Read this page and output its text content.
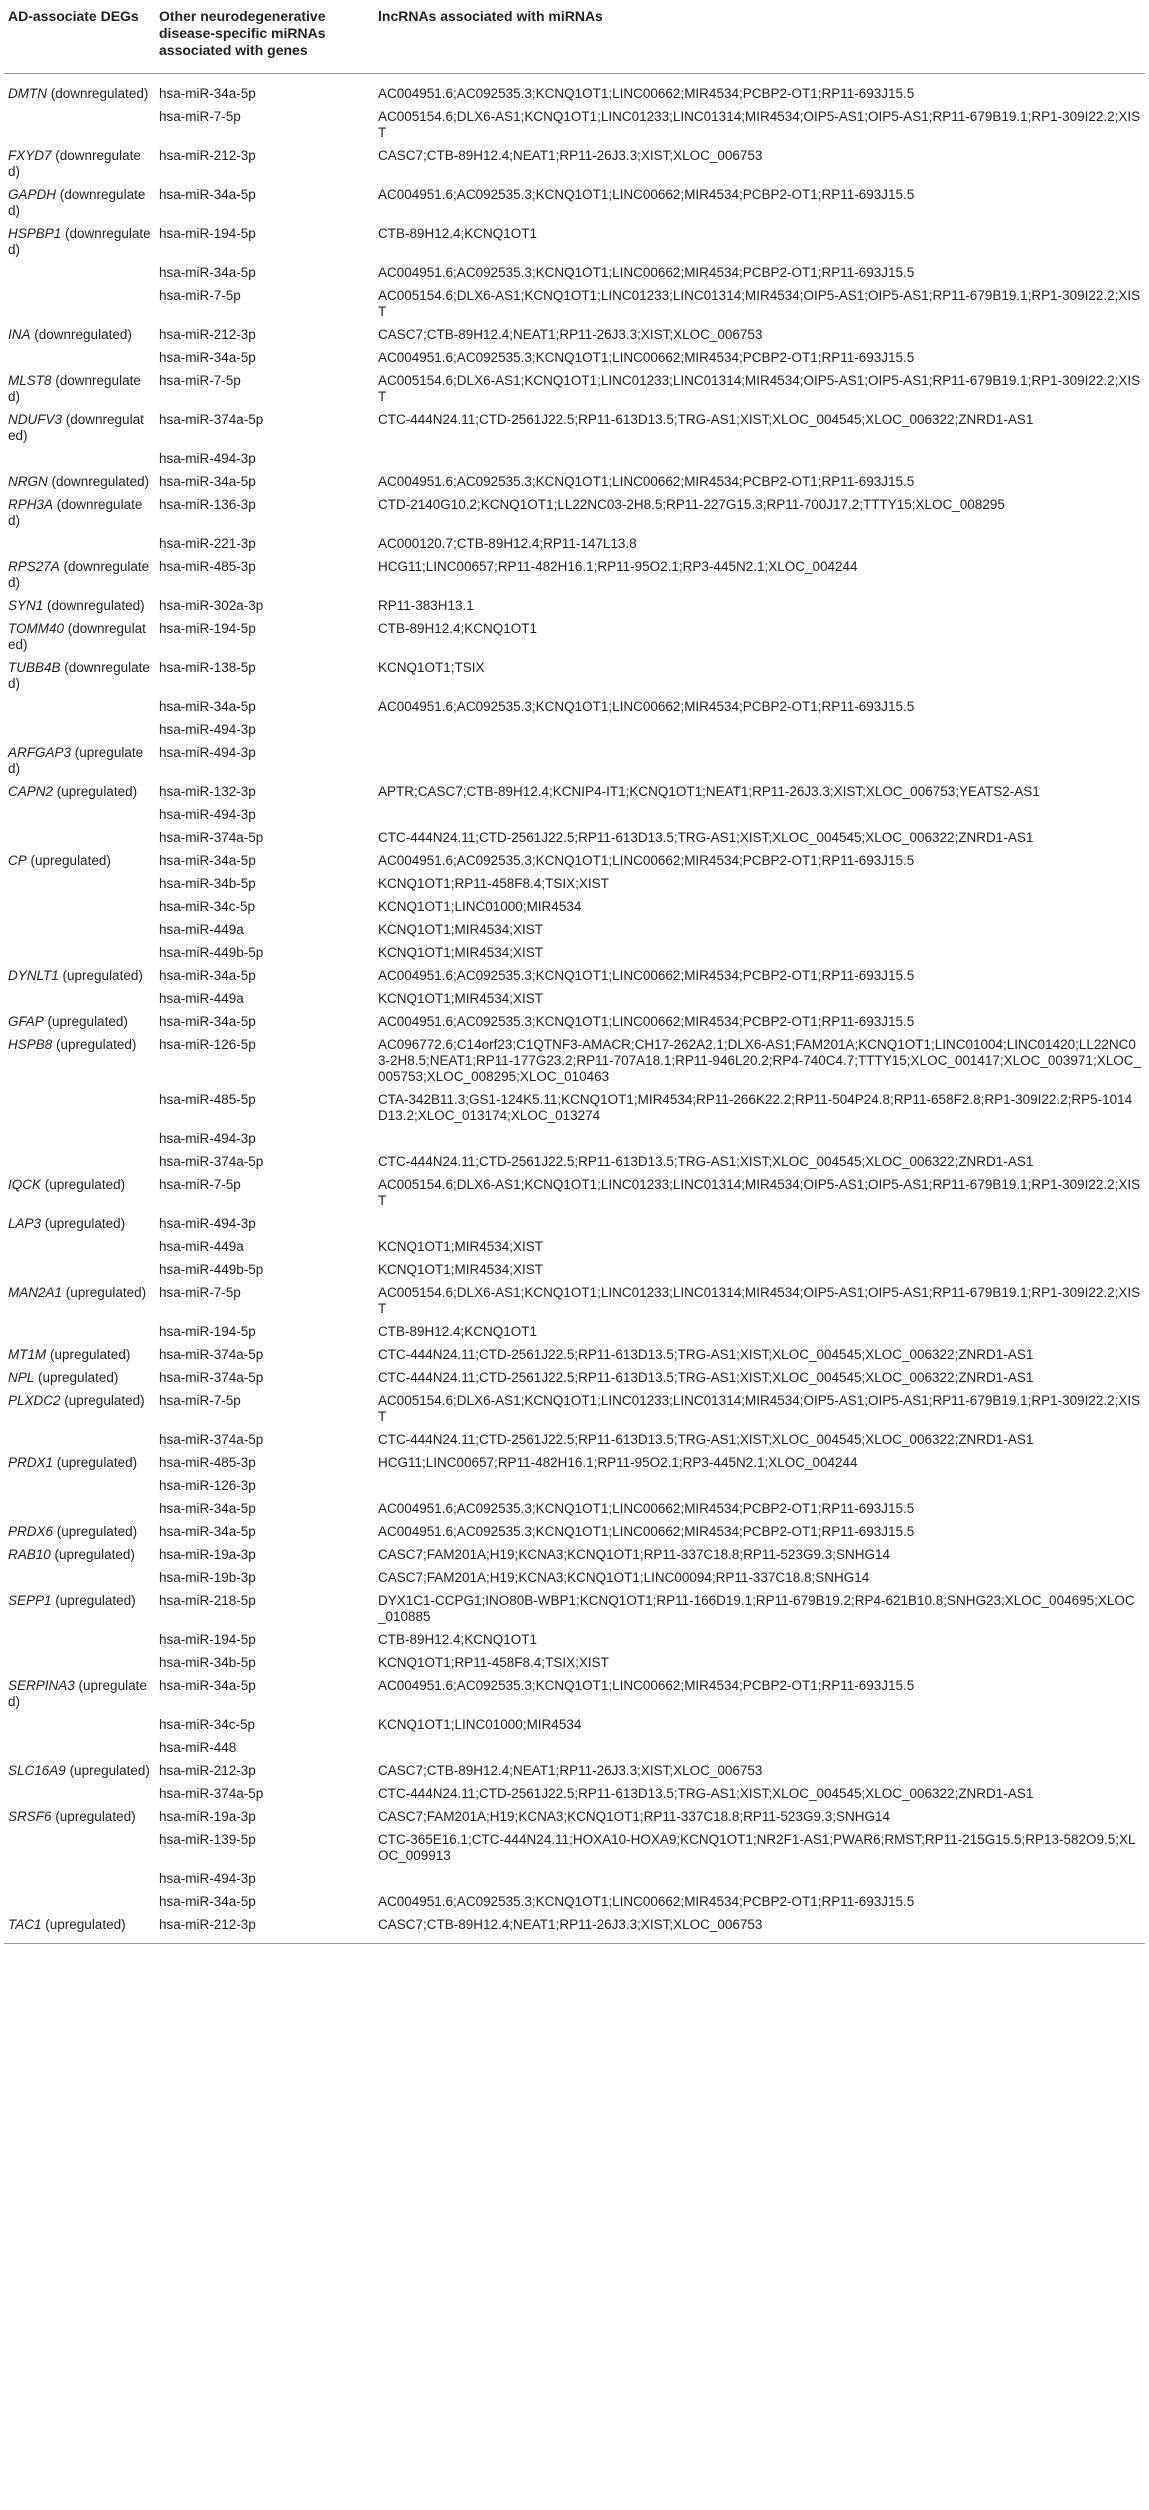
AD-associate DEGs	Other neurodegenerative disease-specific miRNAs associated with genes	lncRNAs associated with miRNAs
DMTN (downregulated)	hsa-miR-34a-5p	AC004951.6;AC092535.3;KCNQ1OT1;LINC00662;MIR4534;PCBP2-OT1;RP11-693J15.5
	hsa-miR-7-5p	AC005154.6;DLX6-AS1;KCNQ1OT1;LINC01233;LINC01314;MIR4534;OIP5-AS1;OIP5-AS1;RP11-679B19.1;RP1-309I22.2;XIST
FXYD7 (downregulated)	hsa-miR-212-3p	CASC7;CTB-89H12.4;NEAT1;RP11-26J3.3;XIST;XLOC_006753
GAPDH (downregulated)	hsa-miR-34a-5p	AC004951.6;AC092535.3;KCNQ1OT1;LINC00662;MIR4534;PCBP2-OT1;RP11-693J15.5
HSPBP1 (downregulated)	hsa-miR-194-5p	CTB-89H12.4;KCNQ1OT1
	hsa-miR-34a-5p	AC004951.6;AC092535.3;KCNQ1OT1;LINC00662;MIR4534;PCBP2-OT1;RP11-693J15.5
	hsa-miR-7-5p	AC005154.6;DLX6-AS1;KCNQ1OT1;LINC01233;LINC01314;MIR4534;OIP5-AS1;OIP5-AS1;RP11-679B19.1;RP1-309I22.2;XIST
INA (downregulated)	hsa-miR-212-3p	CASC7;CTB-89H12.4;NEAT1;RP11-26J3.3;XIST;XLOC_006753
	hsa-miR-34a-5p	AC004951.6;AC092535.3;KCNQ1OT1;LINC00662;MIR4534;PCBP2-OT1;RP11-693J15.5
MLST8 (downregulated)	hsa-miR-7-5p	AC005154.6;DLX6-AS1;KCNQ1OT1;LINC01233;LINC01314;MIR4534;OIP5-AS1;OIP5-AS1;RP11-679B19.1;RP1-309I22.2;XIST
NDUFV3 (downregulated)	hsa-miR-374a-5p	CTC-444N24.11;CTD-2561J22.5;RP11-613D13.5;TRG-AS1;XIST;XLOC_004545;XLOC_006322;ZNRD1-AS1
	hsa-miR-494-3p	
NRGN (downregulated)	hsa-miR-34a-5p	AC004951.6;AC092535.3;KCNQ1OT1;LINC00662;MIR4534;PCBP2-OT1;RP11-693J15.5
RPH3A (downregulated)	hsa-miR-136-3p	CTD-2140G10.2;KCNQ1OT1;LL22NC03-2H8.5;RP11-227G15.3;RP11-700J17.2;TTTY15;XLOC_008295
	hsa-miR-221-3p	AC000120.7;CTB-89H12.4;RP11-147L13.8
RPS27A (downregulated)	hsa-miR-485-3p	HCG11;LINC00657;RP11-482H16.1;RP11-95O2.1;RP3-445N2.1;XLOC_004244
SYN1 (downregulated)	hsa-miR-302a-3p	RP11-383H13.1
TOMM40 (downregulated)	hsa-miR-194-5p	CTB-89H12.4;KCNQ1OT1
TUBB4B (downregulated)	hsa-miR-138-5p	KCNQ1OT1;TSIX
	hsa-miR-34a-5p	AC004951.6;AC092535.3;KCNQ1OT1;LINC00662;MIR4534;PCBP2-OT1;RP11-693J15.5
	hsa-miR-494-3p	
ARFGAP3 (upregulated)	hsa-miR-494-3p	
CAPN2 (upregulated)	hsa-miR-132-3p	APTR;CASC7;CTB-89H12.4;KCNIP4-IT1;KCNQ1OT1;NEAT1;RP11-26J3.3;XIST;XLOC_006753;YEATS2-AS1
	hsa-miR-494-3p	
	hsa-miR-374a-5p	CTC-444N24.11;CTD-2561J22.5;RP11-613D13.5;TRG-AS1;XIST;XLOC_004545;XLOC_006322;ZNRD1-AS1
CP (upregulated)	hsa-miR-34a-5p	AC004951.6;AC092535.3;KCNQ1OT1;LINC00662;MIR4534;PCBP2-OT1;RP11-693J15.5
	hsa-miR-34b-5p	KCNQ1OT1;RP11-458F8.4;TSIX;XIST
	hsa-miR-34c-5p	KCNQ1OT1;LINC01000;MIR4534
	hsa-miR-449a	KCNQ1OT1;MIR4534;XIST
	hsa-miR-449b-5p	KCNQ1OT1;MIR4534;XIST
DYNLT1 (upregulated)	hsa-miR-34a-5p	AC004951.6;AC092535.3;KCNQ1OT1;LINC00662;MIR4534;PCBP2-OT1;RP11-693J15.5
	hsa-miR-449a	KCNQ1OT1;MIR4534;XIST
GFAP (upregulated)	hsa-miR-34a-5p	AC004951.6;AC092535.3;KCNQ1OT1;LINC00662;MIR4534;PCBP2-OT1;RP11-693J15.5
HSPB8 (upregulated)	hsa-miR-126-5p	AC096772.6;C14orf23;C1QTNF3-AMACR;CH17-262A2.1;DLX6-AS1;FAM201A;KCNQ1OT1;LINC01004;LINC01420;LL22NC03-2H8.5;NEAT1;RP11-177G23.2;RP11-707A18.1;RP11-946L20.2;RP4-740C4.7;TTTY15;XLOC_001417;XLOC_003971;XLOC_005753;XLOC_008295;XLOC_010463
	hsa-miR-485-5p	CTA-342B11.3;GS1-124K5.11;KCNQ1OT1;MIR4534;RP11-266K22.2;RP11-504P24.8;RP11-658F2.8;RP1-309I22.2;RP5-1014D13.2;XLOC_013174;XLOC_013274
	hsa-miR-494-3p	
	hsa-miR-374a-5p	CTC-444N24.11;CTD-2561J22.5;RP11-613D13.5;TRG-AS1;XIST;XLOC_004545;XLOC_006322;ZNRD1-AS1
IQCK (upregulated)	hsa-miR-7-5p	AC005154.6;DLX6-AS1;KCNQ1OT1;LINC01233;LINC01314;MIR4534;OIP5-AS1;OIP5-AS1;RP11-679B19.1;RP1-309I22.2;XIST
LAP3 (upregulated)	hsa-miR-494-3p	
	hsa-miR-449a	KCNQ1OT1;MIR4534;XIST
	hsa-miR-449b-5p	KCNQ1OT1;MIR4534;XIST
MAN2A1 (upregulated)	hsa-miR-7-5p	AC005154.6;DLX6-AS1;KCNQ1OT1;LINC01233;LINC01314;MIR4534;OIP5-AS1;OIP5-AS1;RP11-679B19.1;RP1-309I22.2;XIST
	hsa-miR-194-5p	CTB-89H12.4;KCNQ1OT1
MT1M (upregulated)	hsa-miR-374a-5p	CTC-444N24.11;CTD-2561J22.5;RP11-613D13.5;TRG-AS1;XIST;XLOC_004545;XLOC_006322;ZNRD1-AS1
NPL (upregulated)	hsa-miR-374a-5p	CTC-444N24.11;CTD-2561J22.5;RP11-613D13.5;TRG-AS1;XIST;XLOC_004545;XLOC_006322;ZNRD1-AS1
PLXDC2 (upregulated)	hsa-miR-7-5p	AC005154.6;DLX6-AS1;KCNQ1OT1;LINC01233;LINC01314;MIR4534;OIP5-AS1;OIP5-AS1;RP11-679B19.1;RP1-309I22.2;XIST
	hsa-miR-374a-5p	CTC-444N24.11;CTD-2561J22.5;RP11-613D13.5;TRG-AS1;XIST;XLOC_004545;XLOC_006322;ZNRD1-AS1
PRDX1 (upregulated)	hsa-miR-485-3p	HCG11;LINC00657;RP11-482H16.1;RP11-95O2.1;RP3-445N2.1;XLOC_004244
	hsa-miR-126-3p	
	hsa-miR-34a-5p	AC004951.6;AC092535.3;KCNQ1OT1;LINC00662;MIR4534;PCBP2-OT1;RP11-693J15.5
PRDX6 (upregulated)	hsa-miR-34a-5p	AC004951.6;AC092535.3;KCNQ1OT1;LINC00662;MIR4534;PCBP2-OT1;RP11-693J15.5
RAB10 (upregulated)	hsa-miR-19a-3p	CASC7;FAM201A;H19;KCNA3;KCNQ1OT1;RP11-337C18.8;RP11-523G9.3;SNHG14
	hsa-miR-19b-3p	CASC7;FAM201A;H19;KCNA3;KCNQ1OT1;LINC00094;RP11-337C18.8;SNHG14
SEPP1 (upregulated)	hsa-miR-218-5p	DYX1C1-CCPG1;INO80B-WBP1;KCNQ1OT1;RP11-166D19.1;RP11-679B19.2;RP4-621B10.8;SNHG23;XLOC_004695;XLOC_010885
	hsa-miR-194-5p	CTB-89H12.4;KCNQ1OT1
	hsa-miR-34b-5p	KCNQ1OT1;RP11-458F8.4;TSIX;XIST
SERPINA3 (upregulated)	hsa-miR-34a-5p	AC004951.6;AC092535.3;KCNQ1OT1;LINC00662;MIR4534;PCBP2-OT1;RP11-693J15.5
	hsa-miR-34c-5p	KCNQ1OT1;LINC01000;MIR4534
	hsa-miR-448	
SLC16A9 (upregulated)	hsa-miR-212-3p	CASC7;CTB-89H12.4;NEAT1;RP11-26J3.3;XIST;XLOC_006753
	hsa-miR-374a-5p	CTC-444N24.11;CTD-2561J22.5;RP11-613D13.5;TRG-AS1;XIST;XLOC_004545;XLOC_006322;ZNRD1-AS1
SRSF6 (upregulated)	hsa-miR-19a-3p	CASC7;FAM201A;H19;KCNA3;KCNQ1OT1;RP11-337C18.8;RP11-523G9.3;SNHG14
	hsa-miR-139-5p	CTC-365E16.1;CTC-444N24.11;HOXA10-HOXA9;KCNQ1OT1;NR2F1-AS1;PWAR6;RMST;RP11-215G15.5;RP13-582O9.5;XLOC_009913
	hsa-miR-494-3p	
	hsa-miR-34a-5p	AC004951.6;AC092535.3;KCNQ1OT1;LINC00662;MIR4534;PCBP2-OT1;RP11-693J15.5
TAC1 (upregulated)	hsa-miR-212-3p	CASC7;CTB-89H12.4;NEAT1;RP11-26J3.3;XIST;XLOC_006753
